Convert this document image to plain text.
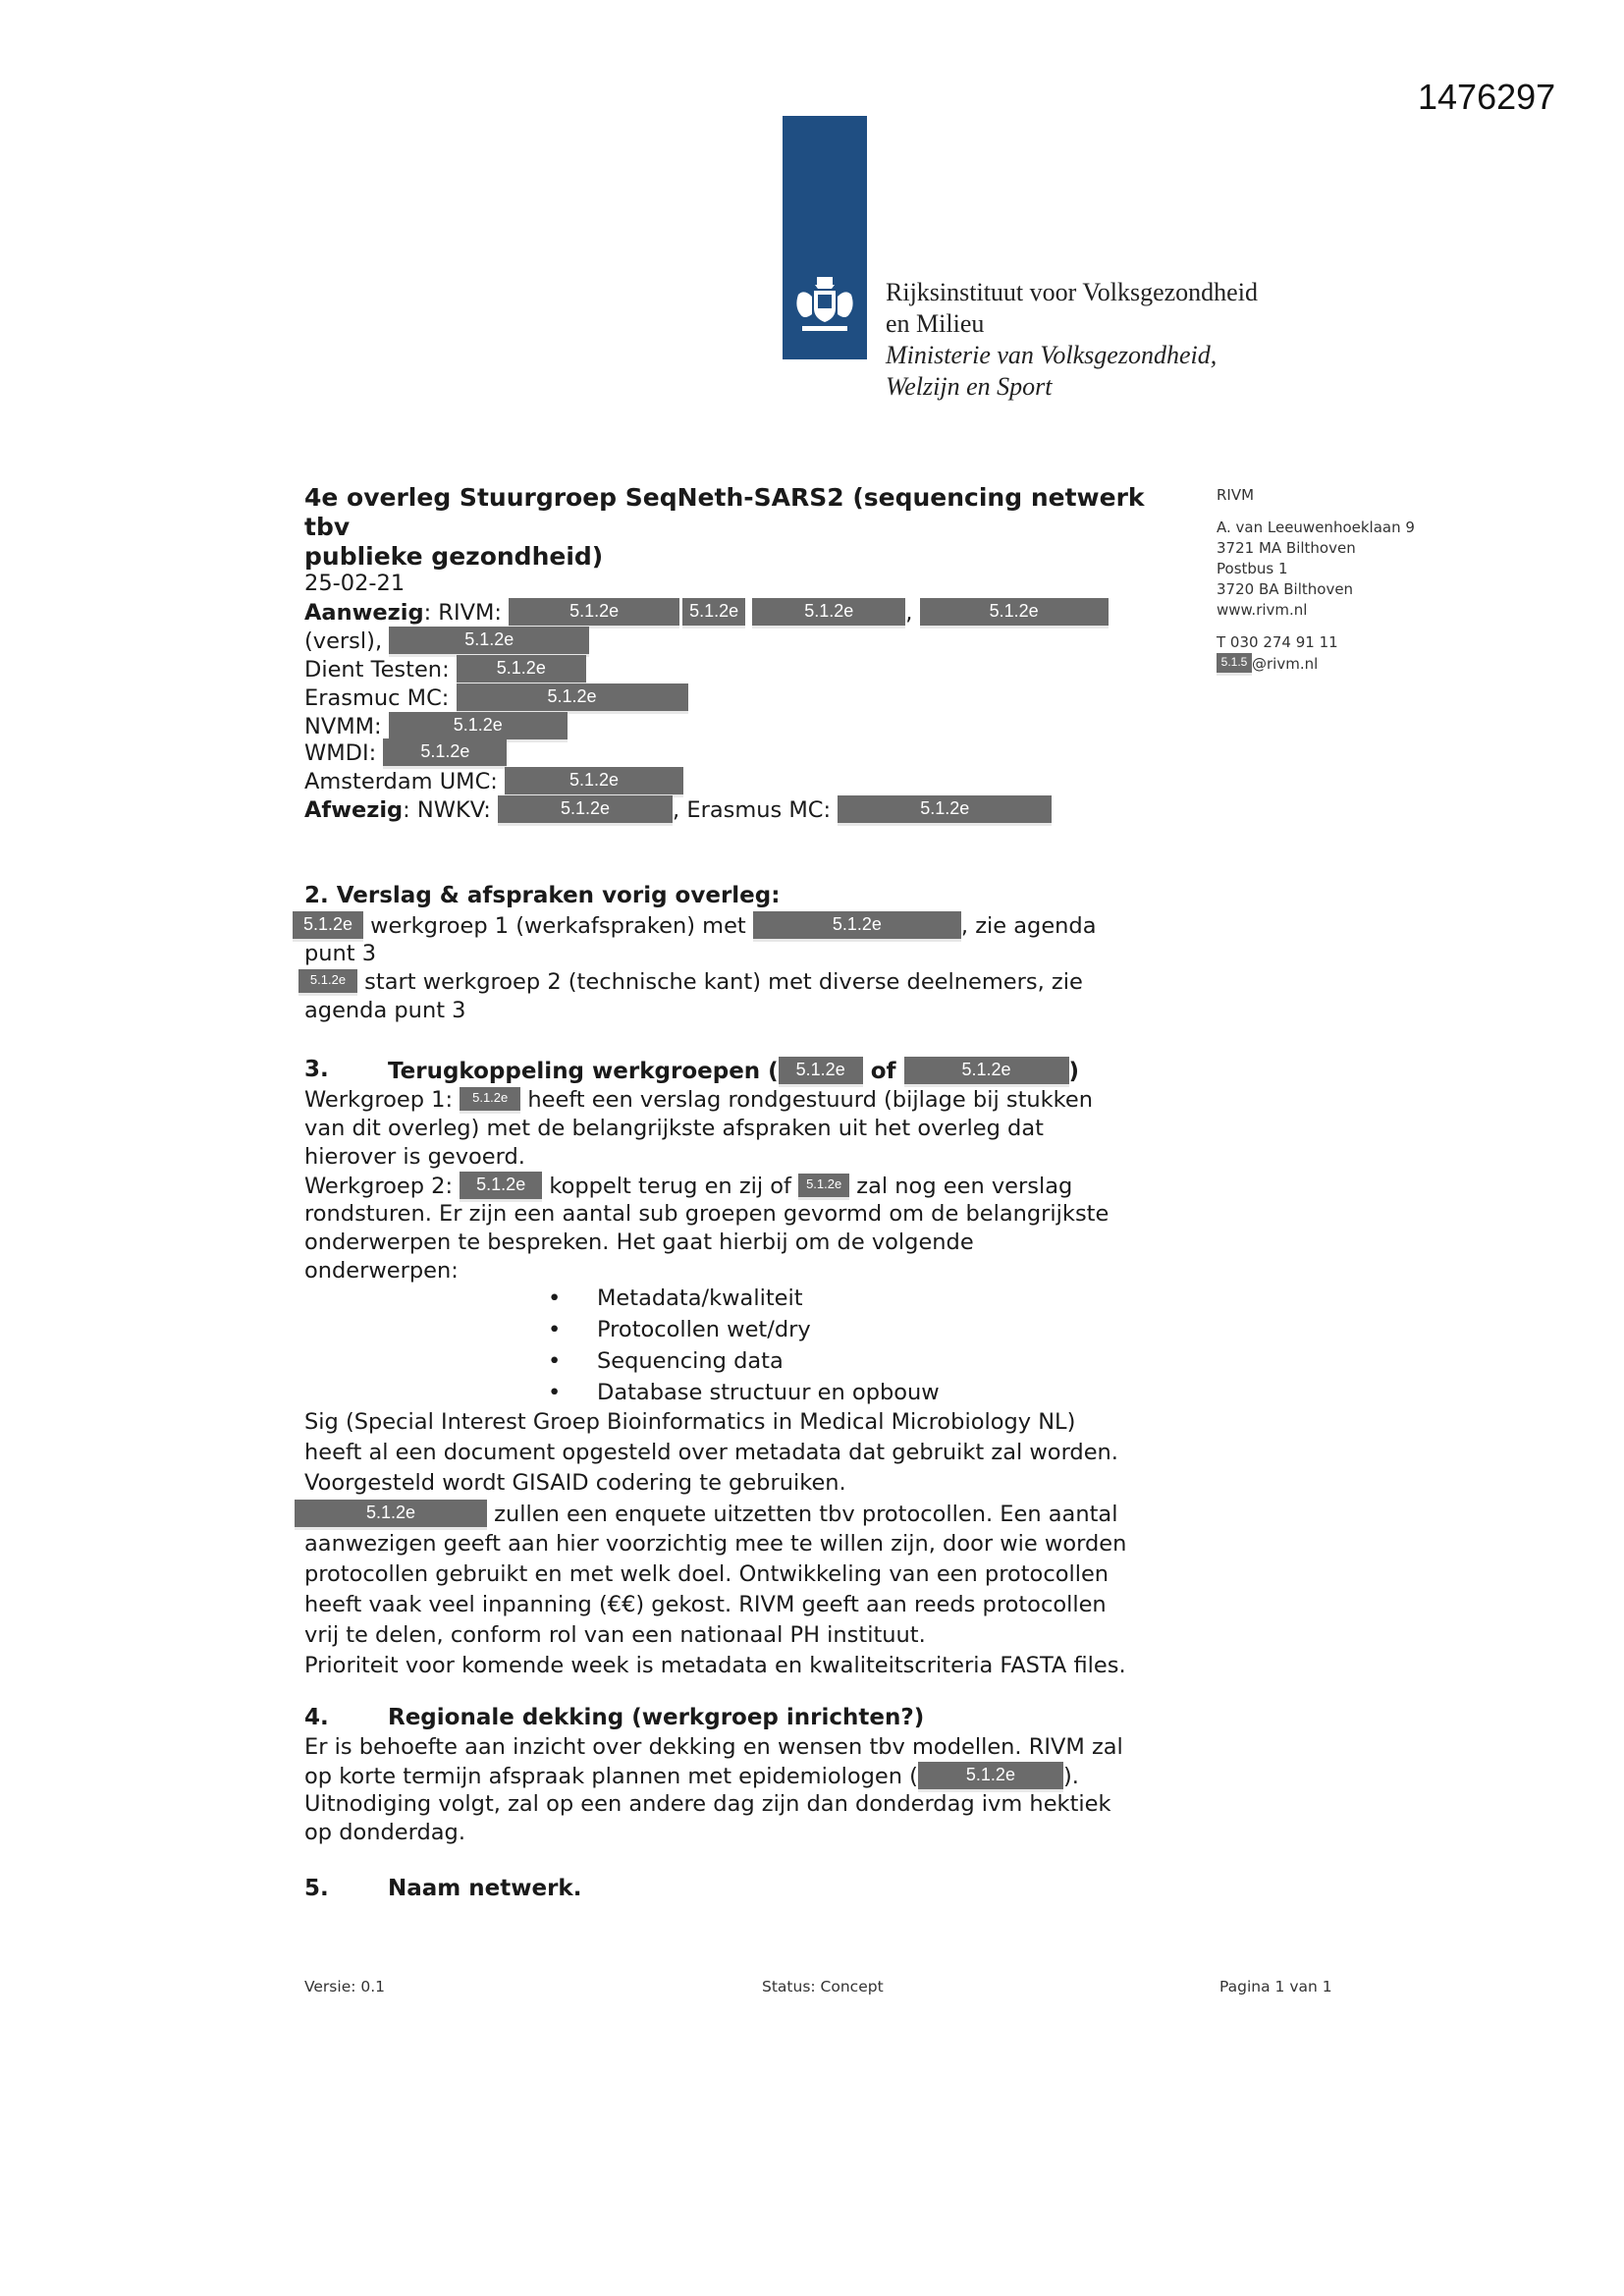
1476297
Rijksinstituut voor Volksgezondheid
en Milieu
Ministerie van Volksgezondheid,
Welzijn en Sport
4e overleg Stuurgroep SeqNeth-SARS2 (sequencing netwerk tbv
publieke gezondheid)
RIVM
A. van Leeuwenhoeklaan 9
3721 MA Bilthoven
Postbus 1
3720 BA Bilthoven
www.rivm.nl
T 030 274 91 11
5.1.5 @rivm.nl
25-02-21
Aanwezig: RIVM:	5.1.2e	5.1.2e	5.1.2e ,	5.1.2e
(versl),	5.1.2e
Dient Testen:	5.1.2e
Erasmuc MC:	5.1.2e
NVMM:	5.1.2e
WMDI:	5.1.2e
Amsterdam UMC:	5.1.2e
Afwezig: NWKV:	5.1.2e	, Erasmus MC:	5.1.2e
2. Verslag & afspraken vorig overleg:
5.1.2e werkgroep 1 (werkafspraken) met	5.1.2e	, zie agenda
punt 3
5.1.2e start werkgroep 2 (technische kant) met diverse deelnemers, zie
agenda punt 3
3.	Terugkoppeling werkgroepen ( 5.1.2e of	5.1.2e	)
Werkgroep 1: 5.1.2e heeft een verslag rondgestuurd (bijlage bij stukken
van dit overleg) met de belangrijkste afspraken uit het overleg dat
hierover is gevoerd.
Werkgroep 2: 5.1.2e koppelt terug en zij of 5.1.2e zal nog een verslag
rondsturen. Er zijn een aantal sub groepen gevormd om de belangrijkste
onderwerpen te bespreken. Het gaat hierbij om de volgende
onderwerpen:
• Metadata/kwaliteit
• Protocollen wet/dry
• Sequencing data
• Database structuur en opbouw
Sig (Special Interest Groep Bioinformatics in Medical Microbiology NL)
heeft al een document opgesteld over metadata dat gebruikt zal worden.
Voorgesteld wordt GISAID codering te gebruiken.
5.1.2e	zullen een enquete uitzetten tbv protocollen. Een aantal
aanwezigen geeft aan hier voorzichtig mee te willen zijn, door wie worden
protocollen gebruikt en met welk doel. Ontwikkeling van een protocollen
heeft vaak veel inpanning (€€) gekost. RIVM geeft aan reeds protocollen
vrij te delen, conform rol van een nationaal PH instituut.
Prioriteit voor komende week is metadata en kwaliteitscriteria FASTA files.
4.	Regionale dekking (werkgroep inrichten?)
Er is behoefte aan inzicht over dekking en wensen tbv modellen. RIVM zal
op korte termijn afspraak plannen met epidemiologen (	5.1.2e ).
Uitnodiging volgt, zal op een andere dag zijn dan donderdag ivm hektiek
op donderdag.
5.	Naam netwerk.
Versie: 0.1	Status: Concept	Pagina 1 van 1
